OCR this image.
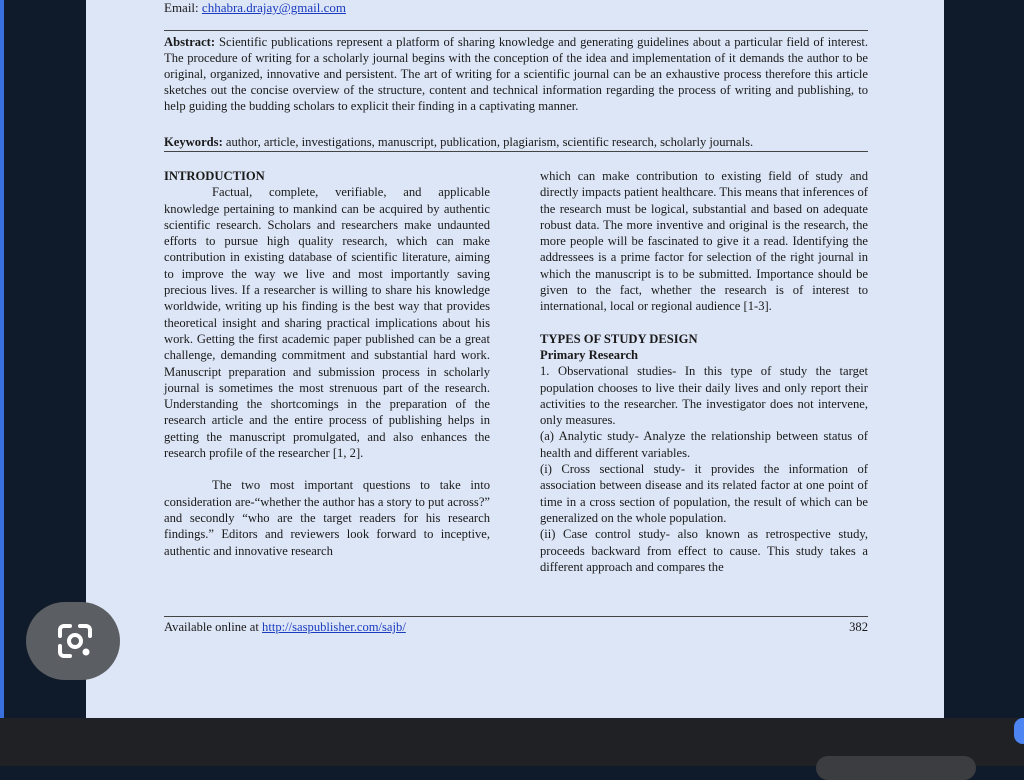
Email: chhabra.drajay@gmail.com
Abstract: Scientific publications represent a platform of sharing knowledge and generating guidelines about a particular field of interest. The procedure of writing for a scholarly journal begins with the conception of the idea and implementation of it demands the author to be original, organized, innovative and persistent. The art of writing for a scientific journal can be an exhaustive process therefore this article sketches out the concise overview of the structure, content and technical information regarding the process of writing and publishing, to help guiding the budding scholars to explicit their finding in a captivating manner.
Keywords: author, article, investigations, manuscript, publication, plagiarism, scientific research, scholarly journals.

INTRODUCTION

Factual, complete, verifiable, and applicable knowledge pertaining to mankind can be acquired by authentic scientific research. Scholars and researchers make undaunted efforts to pursue high quality research, which can make contribution in existing database of scientific literature, aiming to improve the way we live and most importantly saving precious lives. If a researcher is willing to share his knowledge worldwide, writing up his finding is the best way that provides theoretical insight and sharing practical implications about his work. Getting the first academic paper published can be a great challenge, demanding commitment and substantial hard work. Manuscript preparation and submission process in scholarly journal is sometimes the most strenuous part of the research. Understanding the shortcomings in the preparation of the research article and the entire process of publishing helps in getting the manuscript promulgated, and also enhances the research profile of the researcher [1, 2].

The two most important questions to take into consideration are-“whether the author has a story to put across?” and secondly “who are the target readers for his research findings.” Editors and reviewers look forward to inceptive, authentic and innovative research

which can make contribution to existing field of study and directly impacts patient healthcare. This means that inferences of the research must be logical, substantial and based on adequate robust data. The more inventive and original is the research, the more people will be fascinated to give it a read. Identifying the addressees is a prime factor for selection of the right journal in which the manuscript is to be submitted. Importance should be given to the fact, whether the research is of interest to international, local or regional audience [1-3].

TYPES OF STUDY DESIGN

Primary Research

1. Observational studies- In this type of study the target population chooses to live their daily lives and only report their activities to the researcher. The investigator does not intervene, only measures.

(a) Analytic study- Analyze the relationship between status of health and different variables.

(i) Cross sectional study- it provides the information of association between disease and its related factor at one point of time in a cross section of population, the result of which can be generalized on the whole population.

(ii) Case control study- also known as retrospective study, proceeds backward from effect to cause. This study takes a different approach and compares the

Available online at http://saspublisher.com/sajb/	382
